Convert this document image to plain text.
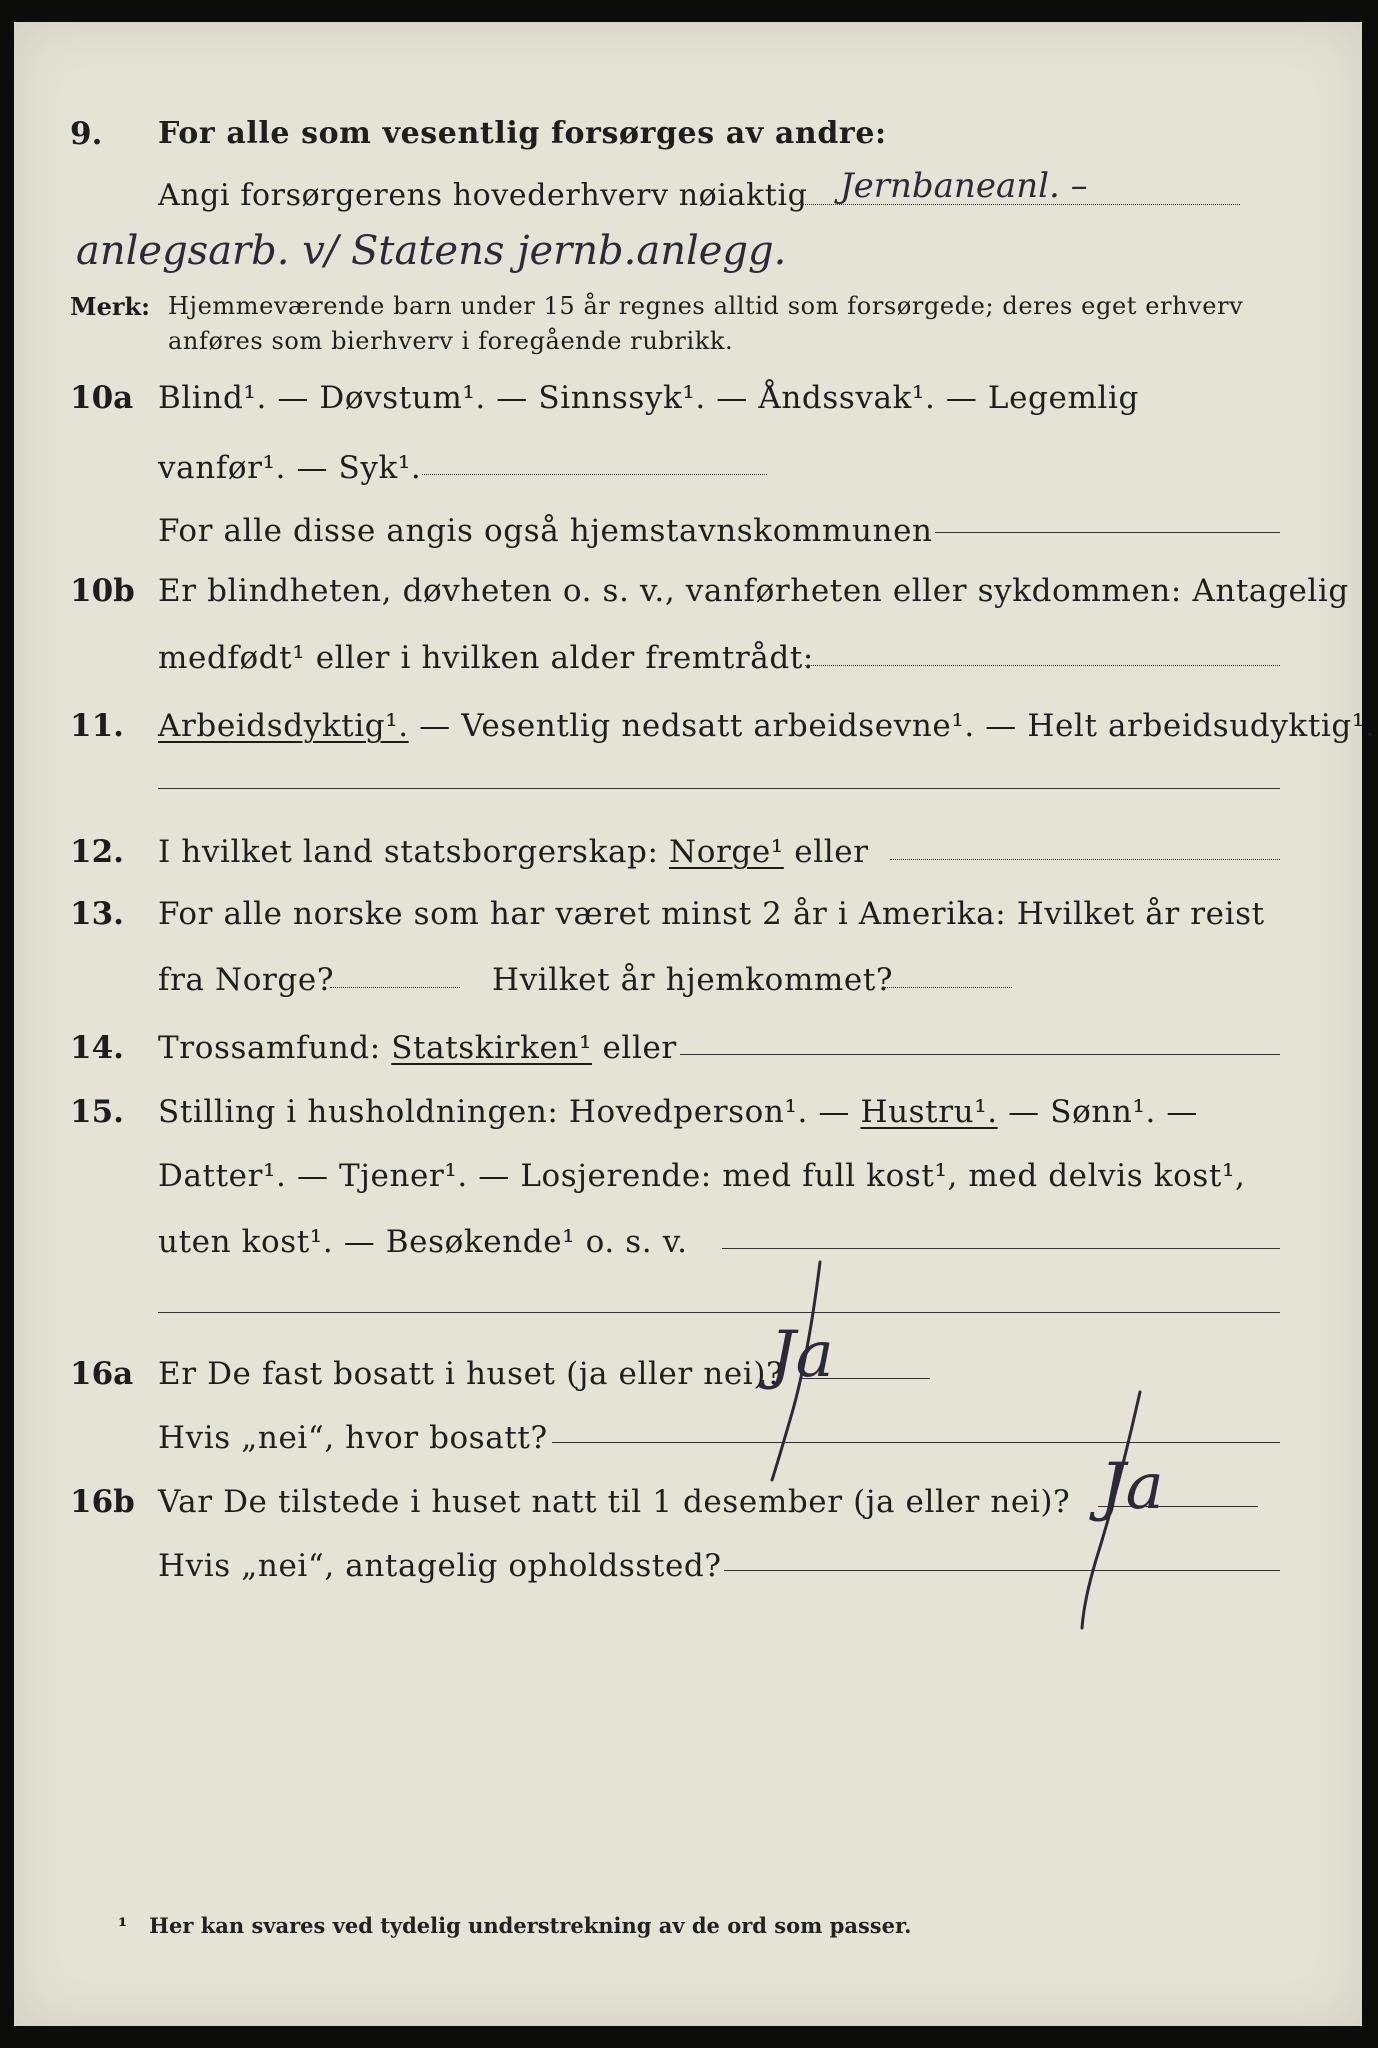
9. For alle som vesentlig forsørges av andre:
Angi forsørgerens hovederhverv nøiaktig Jernbaneanl. –
anlegsarb. v/ Statens jernb.anlegg.
Merk: Hjemmeværende barn under 15 år regnes alltid som forsørgede; deres eget erhverv
anføres som bierhverv i foregående rubrikk.
10a Blind¹. — Døvstum¹. — Sinnssyk¹. — Åndssvak¹. — Legemlig
vanfør¹. — Syk¹.
For alle disse angis også hjemstavnskommunen
10b Er blindheten, døvheten o. s. v., vanførheten eller sykdommen: Antagelig
medfødt¹ eller i hvilken alder fremtrådt:
11. Arbeidsdyktig¹. — Vesentlig nedsatt arbeidsevne¹. — Helt arbeidsudyktig¹.
12. I hvilket land statsborgerskap: Norge¹ eller
13. For alle norske som har været minst 2 år i Amerika: Hvilket år reist
fra Norge?	Hvilket år hjemkommet?
14. Trossamfund: Statskirken¹ eller
15. Stilling i husholdningen: Hovedperson¹. — Hustru¹. — Sønn¹. —
Datter¹. — Tjener¹. — Losjerende: med full kost¹, med delvis kost¹,
uten kost¹. — Besøkende¹ o. s. v.
16a Er De fast bosatt i huset (ja eller nei)?
Ja
Hvis „nei“, hvor bosatt?
16b Var De tilstede i huset natt til 1 desember (ja eller nei)? Ja
Hvis „nei“, antagelig opholdssted?
¹ Her kan svares ved tydelig understrekning av de ord som passer.
